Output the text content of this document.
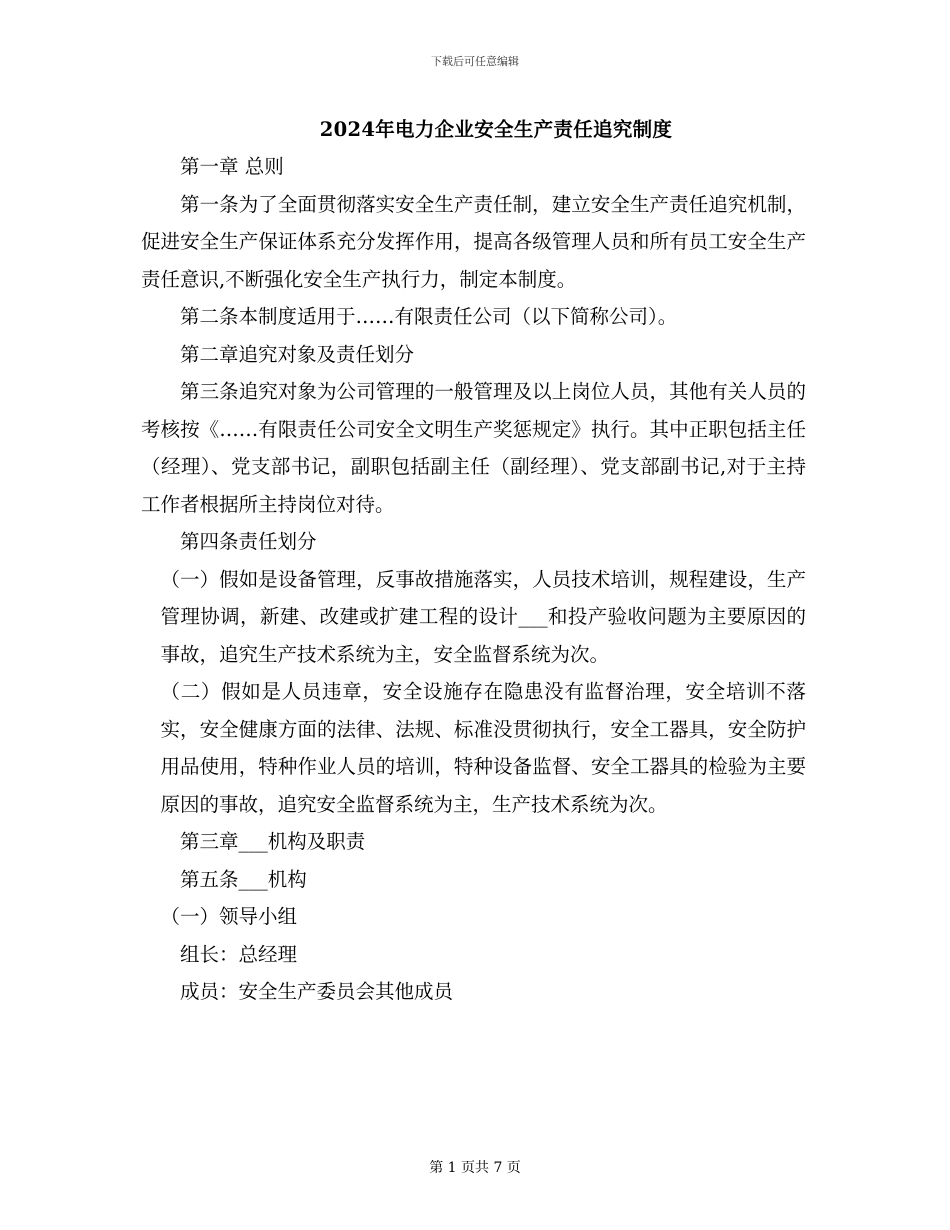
下载后可任意编辑
2024年电力企业安全生产责任追究制度

第一章 总则

第一条为了全面贯彻落实安全生产责任制，建立安全生产责任追究机制，促进安全生产保证体系充分发挥作用，提高各级管理人员和所有员工安全生产责任意识,不断强化安全生产执行力，制定本制度。

第二条本制度适用于……有限责任公司（以下简称公司）。

第二章追究对象及责任划分

第三条追究对象为公司管理的一般管理及以上岗位人员，其他有关人员的考核按《……有限责任公司安全文明生产奖惩规定》执行。其中正职包括主任（经理）、党支部书记，副职包括副主任（副经理）、党支部副书记,对于主持工作者根据所主持岗位对待。

第四条责任划分

（一）假如是设备管理，反事故措施落实，人员技术培训，规程建设，生产管理协调，新建、改建或扩建工程的设计___和投产验收问题为主要原因的事故，追究生产技术系统为主，安全监督系统为次。

（二）假如是人员违章，安全设施存在隐患没有监督治理，安全培训不落实，安全健康方面的法律、法规、标准没贯彻执行，安全工器具，安全防护用品使用，特种作业人员的培训，特种设备监督、安全工器具的检验为主要原因的事故，追究安全监督系统为主，生产技术系统为次。

第三章___机构及职责

第五条___机构

（一）领导小组

组长：总经理

成员：安全生产委员会其他成员

第 1 页共 7 页
